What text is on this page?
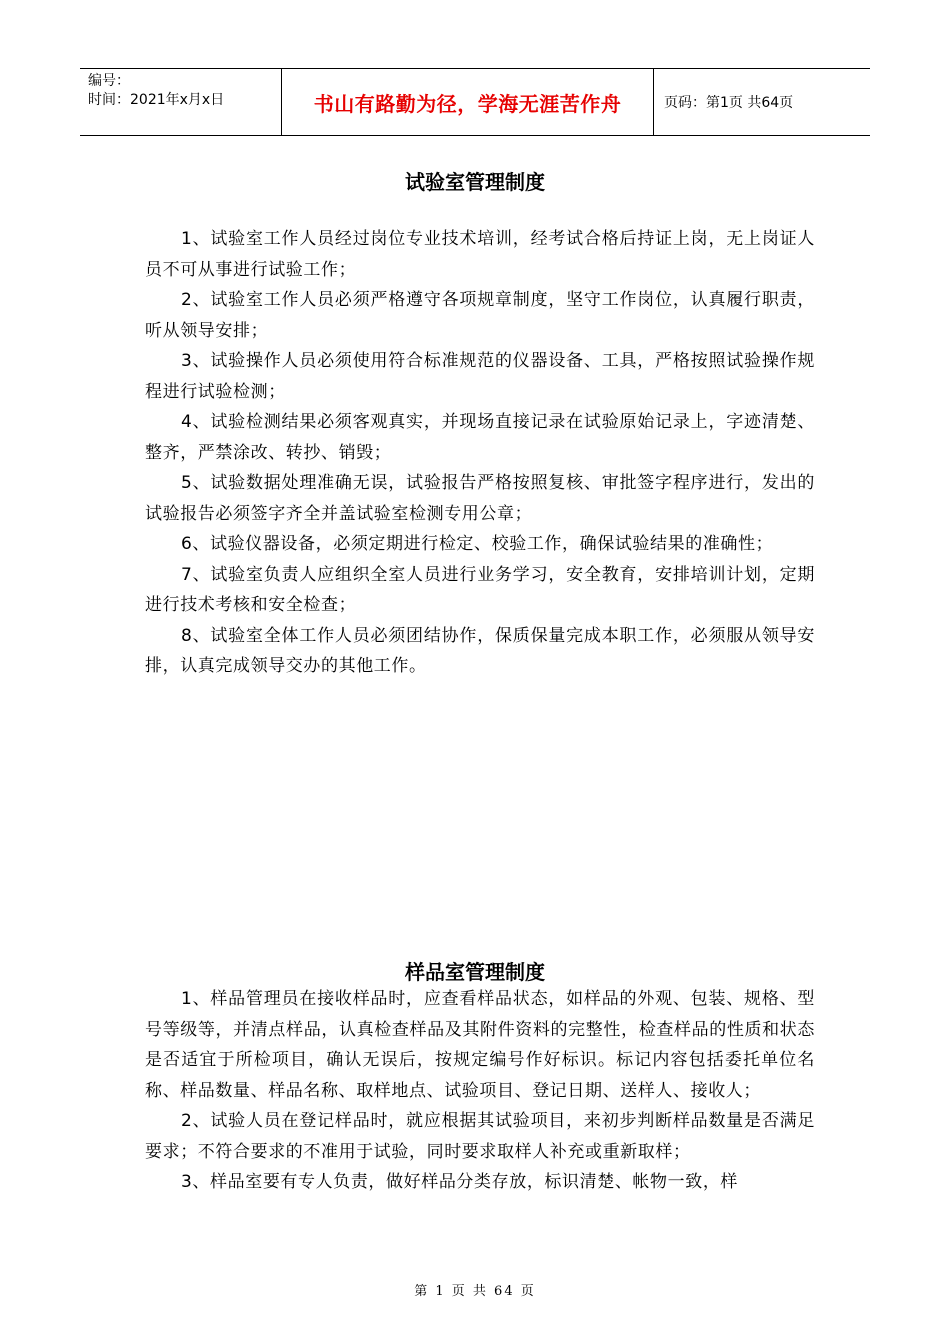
编号：
时间：2021年x月x日	书山有路勤为径，学海无涯苦作舟	页码：第1页 共64页
试验室管理制度

1、试验室工作人员经过岗位专业技术培训，经考试合格后持证上岗，无上岗证人员不可从事进行试验工作；

2、试验室工作人员必须严格遵守各项规章制度，坚守工作岗位，认真履行职责，听从领导安排；

3、试验操作人员必须使用符合标准规范的仪器设备、工具，严格按照试验操作规程进行试验检测；

4、试验检测结果必须客观真实，并现场直接记录在试验原始记录上，字迹清楚、整齐，严禁涂改、转抄、销毁；

5、试验数据处理准确无误，试验报告严格按照复核、审批签字程序进行，发出的试验报告必须签字齐全并盖试验室检测专用公章；

6、试验仪器设备，必须定期进行检定、校验工作，确保试验结果的准确性；

7、试验室负责人应组织全室人员进行业务学习，安全教育，安排培训计划，定期进行技术考核和安全检查；

8、试验室全体工作人员必须团结协作，保质保量完成本职工作，必须服从领导安排，认真完成领导交办的其他工作。

样品室管理制度

1、样品管理员在接收样品时，应查看样品状态，如样品的外观、包装、规格、型号等级等，并清点样品，认真检查样品及其附件资料的完整性，检查样品的性质和状态是否适宜于所检项目，确认无误后，按规定编号作好标识。标记内容包括委托单位名称、样品数量、样品名称、取样地点、试验项目、登记日期、送样人、接收人；

2、试验人员在登记样品时，就应根据其试验项目，来初步判断样品数量是否满足要求；不符合要求的不准用于试验，同时要求取样人补充或重新取样；

3、样品室要有专人负责，做好样品分类存放，标识清楚、帐物一致，样

第 1 页 共 64 页
